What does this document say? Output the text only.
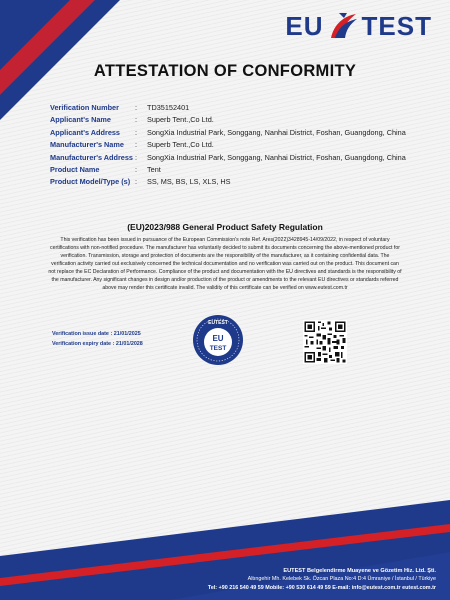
EU TEST
ATTESTATION OF CONFORMITY
Verification Number	:	TD35152401
Applicant's Name	:	Superb Tent.,Co Ltd.
Applicant's Address	:	SongXia Industrial Park, Songgang, Nanhai District, Foshan, Guangdong, China
Manufacturer's Name	:	Superb Tent.,Co Ltd.
Manufacturer's Address :	SongXia Industrial Park, Songgang, Nanhai District, Foshan, Guangdong, China
Product Name	:	Tent
Product Model/Type (s) :	SS, MS, BS, LS, XLS, HS
(EU)2023/988 General Product Safety Regulation
This verification has been issued in pursuance of the European Commission's note Ref. Ares(2022)3428945-14/09/2022, in respect of voluntary certifications with non-notified procedure. The manufacturer has voluntarily decided to submit its documents concerning the above-mentioned product for verification. Transmission, storage and protection of documents are the responsibility of the manufacturer, as it containing confidential data. The verification activity carried out exclusively concerned the technical documentation and no verification was carried out on the product. This document can not replace the EC Declaration of Performance. Compliance of the product and documentation with the EU directives and standards is the responsibility of the manufacturer. Any significant changes in design and/or production of the product or amendments to the relevant EU directives or standards referred above may render this certificate invalid. The validity of this certificate can be verified on www.eutest.com.tr
Verification issue date : 21/01/2025
Verification expiry date : 21/01/2028
EUTEST
EU
TEST
EUTEST Belgelendirme Muayene ve Gözetim Hiz. Ltd. Şti.
Altıngehir Mh. Kelebek Sk. Özcan Plaza No:4 D:4 Ümraniye / İstanbul / Türkiye
Tel: +90 216 540 49 59 Mobile: +90 530 614 49 59 E-mail: info@eutest.com.tr eutest.com.tr
